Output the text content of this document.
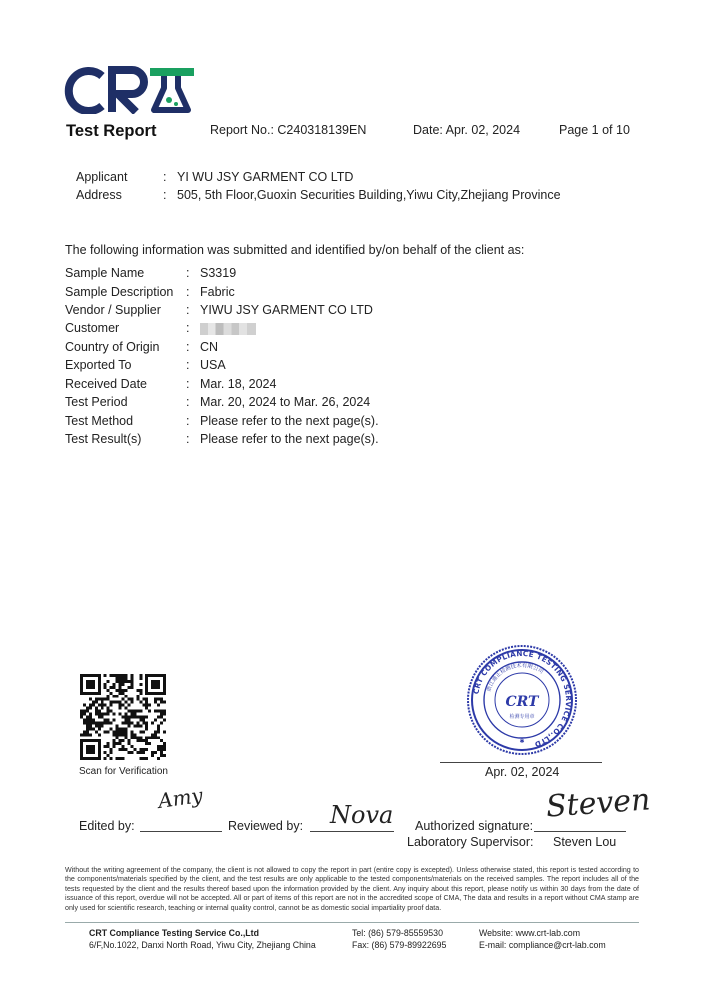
Test Report	Report No.: C240318139EN	Date: Apr. 02, 2024	Page 1 of 10
Applicant	: YI WU JSY GARMENT CO LTD
Address	: 505, 5th Floor,Guoxin Securities Building,Yiwu City,Zhejiang Province
The following information was submitted and identified by/on behalf of the client as:
Sample Name	: S3319
Sample Description : Fabric
Vendor / Supplier : YIWU JSY GARMENT CO LTD
Customer	:
Country of Origin : CN
Exported To	: USA
Received Date	: Mar. 18, 2024
Test Period	: Mar. 20, 2024 to Mar. 26, 2024
Test Method	: Please refer to the next page(s).
Test Result(s)	: Please refer to the next page(s).
Scan for Verification
CRT COMPLIANCE TESTING SERVICE CO.,LTD
浙江通正检测技术有限公司
CRT
检测专用章
✱
Apr. 02, 2024
Edited by:
Amy
Reviewed by: Nova Authorized signature:
Steven
Laboratory Supervisor: Steven Lou
Without the writing agreement of the company, the client is not allowed to copy the report in part (entire copy is excepted). Unless otherwise stated, this report is tested according to the components/materials specified by the client, and the test results are only applicable to the tested components/materials on the received samples. The report includes all of the tests requested by the client and the results thereof based upon the information provided by the client. Any inquiry about this report, please notify us within 30 days from the date of issuance of this report, overdue will not be accepted. All or part of items of this report are not in the accredited scope of CMA, The data and results in a report without CMA stamp are only used for scientific research, teaching or internal quality control, cannot be as domestic social impartiality proof data.
CRT Compliance Testing Service Co.,Ltd
6/F,No.1022, Danxi North Road, Yiwu City, Zhejiang China
Tel: (86) 579-85559530
Fax: (86) 579-89922695
Website: www.crt-lab.com
E-mail: compliance@crt-lab.com
